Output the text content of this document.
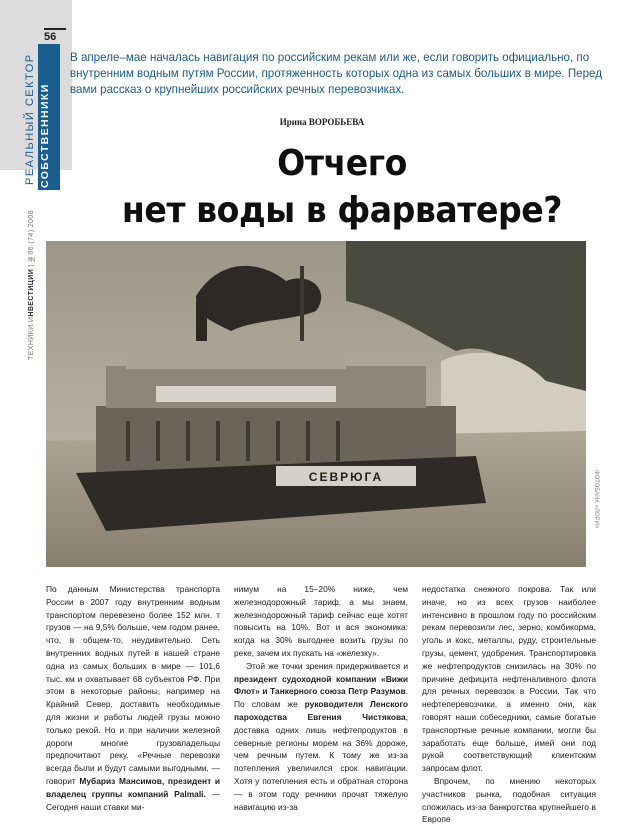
56
РЕАЛЬНЫЙ СЕКТОР СОБСТВЕННИКИ
ТЕХНИКИ ИНВЕСТИЦИИ | №06 (74) 2008
В апреле–мае началась навигация по российским рекам или же, если говорить официально, по внутренним водным путям России, протяженность которых одна из самых больших в мире. Перед вами рассказ о крупнейших российских речных перевозчиках.
Ирина ВОРОБЬЕВА
Отчего
нет воды в фарватере?
СЕВРЮГА	ФОТОБАНК «ЛОРИ»

По данным Министерства транспорта России в 2007 году внутренним водным транспортом перевезено более 152 млн. т грузов — на 9,5% больше, чем годом ранее, что, в общем-то, неудивительно. Сеть внутренних водных путей в нашей стране одна из самых больших в мире — 101,6 тыс. км и охватывает 68 субъектов РФ. При этом в некоторые районы, например на Крайний Север, доставить необходимые для жизни и работы людей грузы можно только рекой. Но и при наличии железной дороги многие грузовладельцы предпочитают реку. «Речные перевозки всегда были и будут самыми выгодными, — говорит Мубариз Мансимов, президент и владелец группы компаний Palmali. — Сегодня наши ставки ми-

нимум на 15–20% ниже, чем железнодорожный тариф, а мы знаем, железнодорожный тариф сейчас еще хотят повысить на 10%. Вот и вся экономика: когда на 30% выгоднее возить грузы по реке, зачем их пускать на «железку».

Этой же точки зрения придерживается и президент судоходной компании «Вижи Флот» и Танкерного союза Петр Разумов. По словам же руководителя Ленского пароходства Евгения Чистякова, доставка одних лишь нефтепродуктов в северные регионы морем на 36% дороже, чем речным путем. К тому же из-за потепления увеличился срок навигации. Хотя у потепления есть и обратная сторона — в этом году речники прочат тяжелую навигацию из-за

недостатка снежного покрова. Так или иначе, но из всех грузов наиболее интенсивно в прошлом году по российским рекам перевозили лес, зерно, комбикорма, уголь и кокс, металлы, руду, строительные грузы, цемент, удобрения. Транспортировка же нефтепродуктов снизилась на 30% по причине дефицита нефтеналивного флота для речных перевозок в России. Так что нефтеперевозчики, а именно они, как говорят наши собеседники, самые богатые транспортные речные компании, могли бы заработать еще больше, имей они под рукой соответствующий клиентским запросам флот.

Впрочем, по мнению некоторых участников рынка, подобная ситуация сложилась из-за банкротства крупнейшего в Европе
